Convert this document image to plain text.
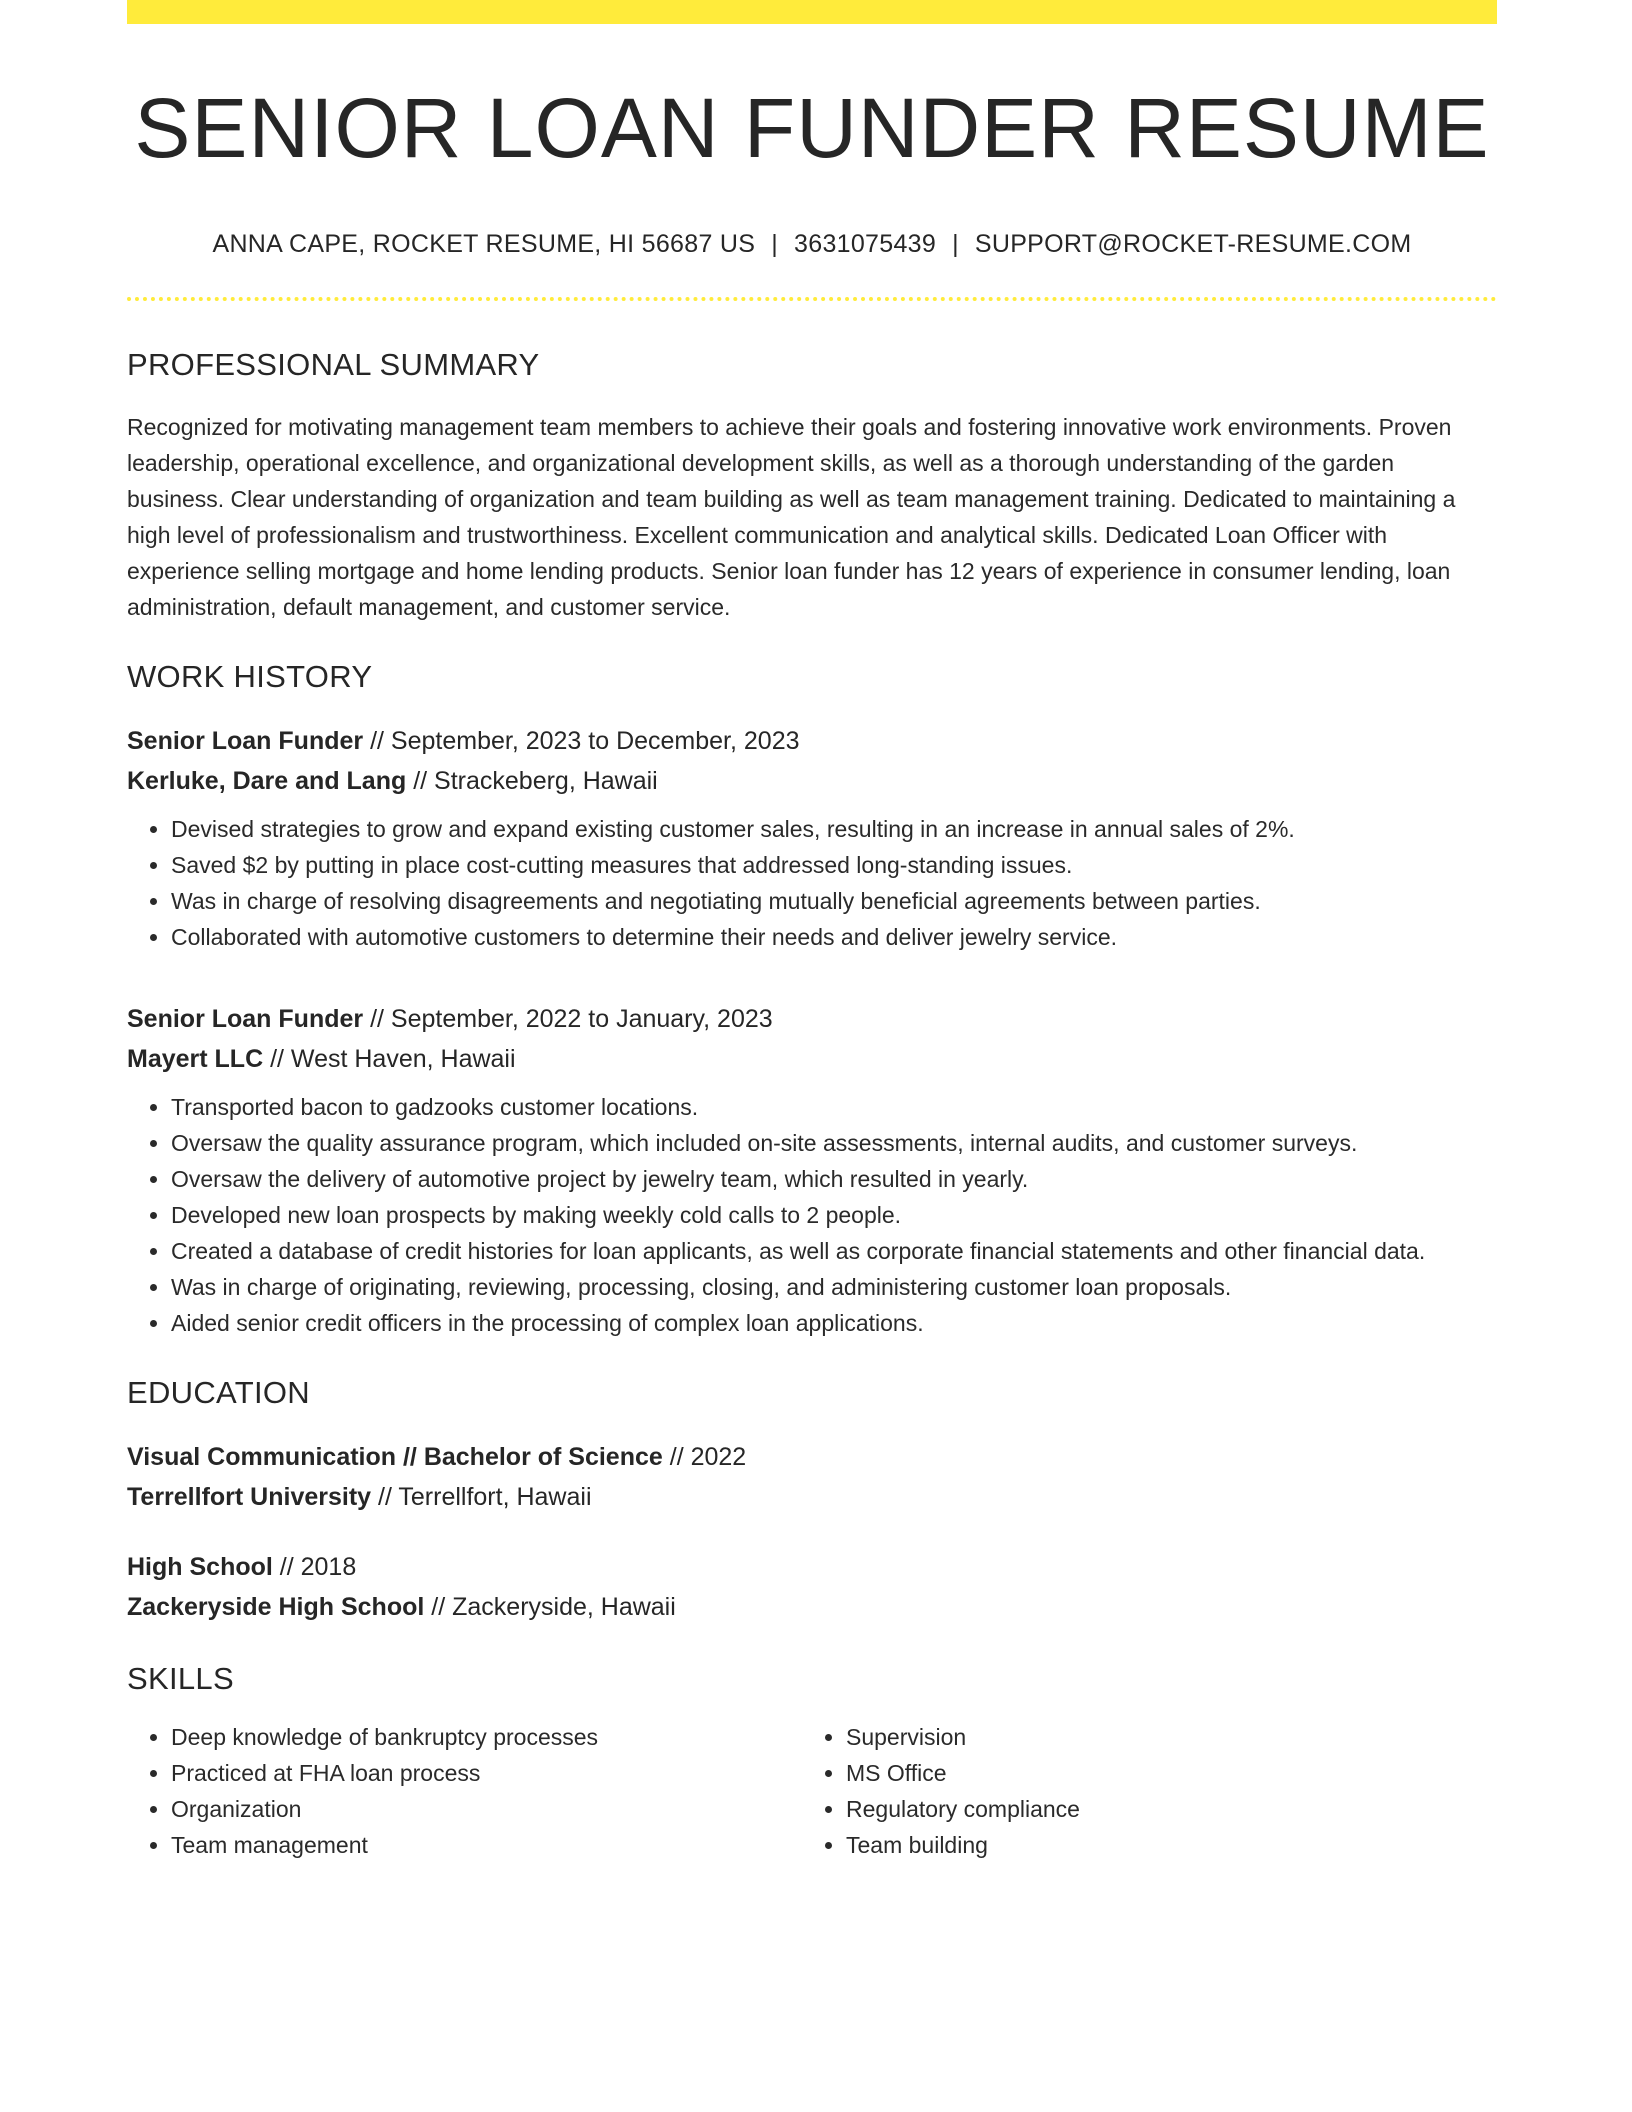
SENIOR LOAN FUNDER RESUME
ANNA CAPE, ROCKET RESUME, HI 56687 US | 3631075439 | SUPPORT@ROCKET-RESUME.COM
PROFESSIONAL SUMMARY
Recognized for motivating management team members to achieve their goals and fostering innovative work environments. Proven leadership, operational excellence, and organizational development skills, as well as a thorough understanding of the garden business. Clear understanding of organization and team building as well as team management training. Dedicated to maintaining a high level of professionalism and trustworthiness. Excellent communication and analytical skills. Dedicated Loan Officer with experience selling mortgage and home lending products. Senior loan funder has 12 years of experience in consumer lending, loan administration, default management, and customer service.
WORK HISTORY
Senior Loan Funder // September, 2023 to December, 2023
Kerluke, Dare and Lang // Strackeberg, Hawaii
• Devised strategies to grow and expand existing customer sales, resulting in an increase in annual sales of 2%.
• Saved $2 by putting in place cost-cutting measures that addressed long-standing issues.
• Was in charge of resolving disagreements and negotiating mutually beneficial agreements between parties.
• Collaborated with automotive customers to determine their needs and deliver jewelry service.
Senior Loan Funder // September, 2022 to January, 2023
Mayert LLC // West Haven, Hawaii
• Transported bacon to gadzooks customer locations.
• Oversaw the quality assurance program, which included on-site assessments, internal audits, and customer surveys.
• Oversaw the delivery of automotive project by jewelry team, which resulted in yearly.
• Developed new loan prospects by making weekly cold calls to 2 people.
• Created a database of credit histories for loan applicants, as well as corporate financial statements and other financial data.
• Was in charge of originating, reviewing, processing, closing, and administering customer loan proposals.
• Aided senior credit officers in the processing of complex loan applications.
EDUCATION
Visual Communication // Bachelor of Science // 2022
Terrellfort University // Terrellfort, Hawaii
High School // 2018
Zackeryside High School // Zackeryside, Hawaii
SKILLS
• Deep knowledge of bankruptcy processes
• Practiced at FHA loan process
• Organization
• Team management
• Supervision
• MS Office
• Regulatory compliance
• Team building
